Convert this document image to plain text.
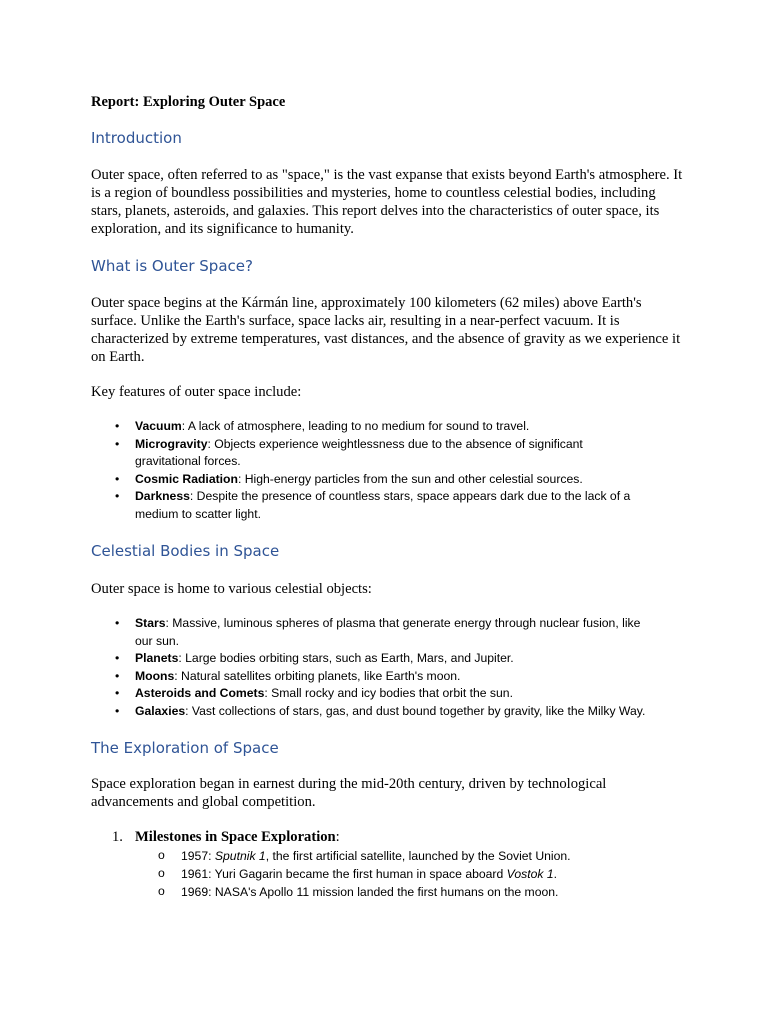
Report: Exploring Outer Space

Introduction

Outer space, often referred to as "space," is the vast expanse that exists beyond Earth's atmosphere. It is a region of boundless possibilities and mysteries, home to countless celestial bodies, including stars, planets, asteroids, and galaxies. This report delves into the characteristics of outer space, its exploration, and its significance to humanity.

What is Outer Space?

Outer space begins at the Kármán line, approximately 100 kilometers (62 miles) above Earth's surface. Unlike the Earth's surface, space lacks air, resulting in a near-perfect vacuum. It is characterized by extreme temperatures, vast distances, and the absence of gravity as we experience it on Earth.

Key features of outer space include:

• Vacuum: A lack of atmosphere, leading to no medium for sound to travel.
• Microgravity: Objects experience weightlessness due to the absence of significant gravitational forces.
• Cosmic Radiation: High-energy particles from the sun and other celestial sources.
• Darkness: Despite the presence of countless stars, space appears dark due to the lack of a medium to scatter light.
Celestial Bodies in Space

Outer space is home to various celestial objects:

• Stars: Massive, luminous spheres of plasma that generate energy through nuclear fusion, like our sun.
• Planets: Large bodies orbiting stars, such as Earth, Mars, and Jupiter.
• Moons: Natural satellites orbiting planets, like Earth's moon.
• Asteroids and Comets: Small rocky and icy bodies that orbit the sun.
• Galaxies: Vast collections of stars, gas, and dust bound together by gravity, like the Milky Way.
The Exploration of Space

Space exploration began in earnest during the mid-20th century, driven by technological advancements and global competition.

1. Milestones in Space Exploration:
o 1957: Sputnik 1, the first artificial satellite, launched by the Soviet Union.
o 1961: Yuri Gagarin became the first human in space aboard Vostok 1.
o 1969: NASA's Apollo 11 mission landed the first humans on the moon.
